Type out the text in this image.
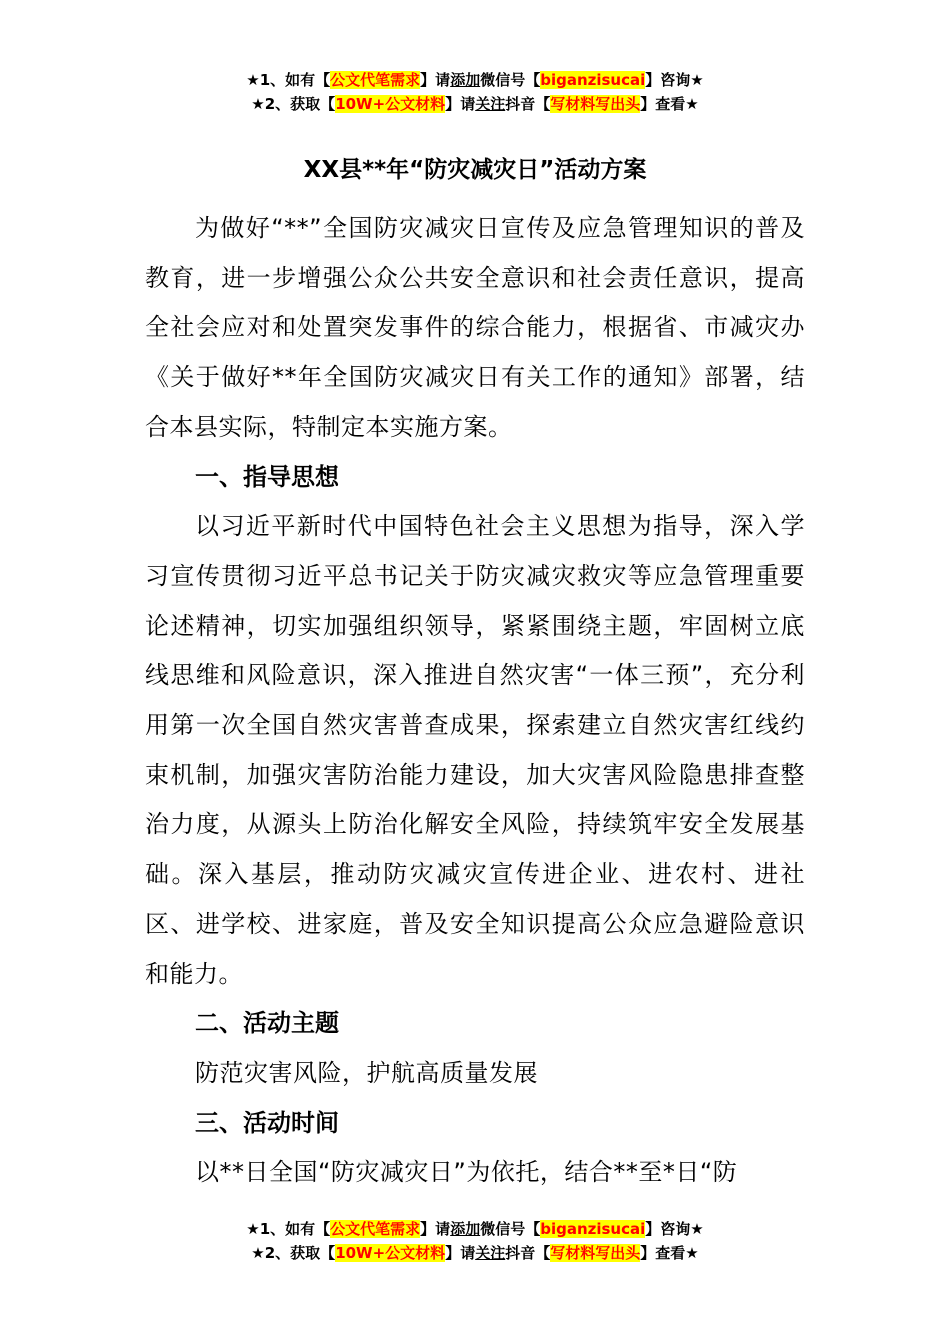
★1、如有【公文代笔需求】请添加微信号【biganzisucai】咨询★
★2、获取【10W+公文材料】请关注抖音【写材料写出头】查看★
XX县**年“防灾减灾日”活动方案

为做好“**”全国防灾减灾日宣传及应急管理知识的普及教育，进一步增强公众公共安全意识和社会责任意识，提高全社会应对和处置突发事件的综合能力，根据省、市减灾办《关于做好**年全国防灾减灾日有关工作的通知》部署，结合本县实际，特制定本实施方案。

一、指导思想

以习近平新时代中国特色社会主义思想为指导，深入学习宣传贯彻习近平总书记关于防灾减灾救灾等应急管理重要论述精神，切实加强组织领导，紧紧围绕主题，牢固树立底线思维和风险意识，深入推进自然灾害“一体三预”，充分利用第一次全国自然灾害普查成果，探索建立自然灾害红线约束机制，加强灾害防治能力建设，加大灾害风险隐患排查整治力度，从源头上防治化解安全风险，持续筑牢安全发展基础。深入基层，推动防灾减灾宣传进企业、进农村、进社区、进学校、进家庭，普及安全知识提高公众应急避险意识和能力。

二、活动主题

防范灾害风险，护航高质量发展

三、活动时间

以**日全国“防灾减灾日”为依托，结合**至*日“防

★1、如有【公文代笔需求】请添加微信号【biganzisucai】咨询★
★2、获取【10W+公文材料】请关注抖音【写材料写出头】查看★
